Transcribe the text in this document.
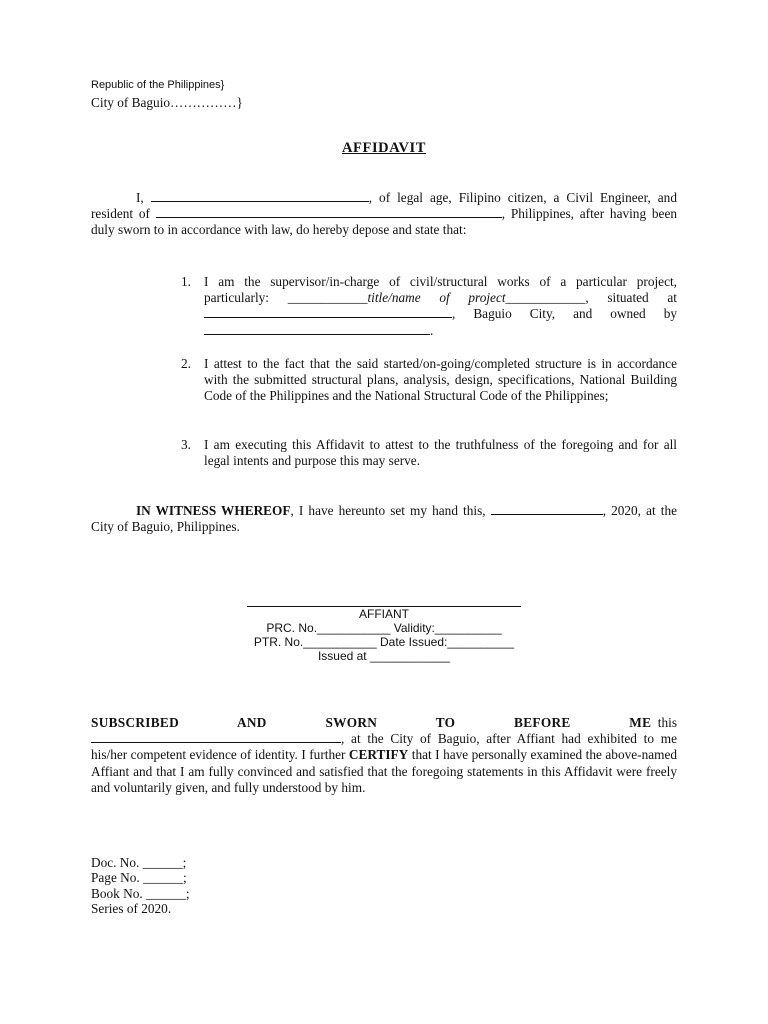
Republic of the Philippines}
City of Baguio……………}
AFFIDAVIT
I,	, of legal age, Filipino citizen, a Civil Engineer, and resident of	, Philippines, after having been duly sworn to in accordance with law, do hereby depose and state that:
1. I am the supervisor/in-charge of civil/structural works of a particular project, particularly: ____________title/name of project____________, situated at , Baguio City, and owned by .
2. I attest to the fact that the said started/on-going/completed structure is in accordance with the submitted structural plans, analysis, design, specifications, National Building Code of the Philippines and the National Structural Code of the Philippines;
3. I am executing this Affidavit to attest to the truthfulness of the foregoing and for all legal intents and purpose this may serve.
IN WITNESS WHEREOF, I have hereunto set my hand this,	, 2020, at the City of Baguio, Philippines.
AFFIANT
PRC. No.___________ Validity:__________
PTR. No.___________ Date Issued:__________
Issued at ____________
SUBSCRIBED AND SWORN TO BEFORE ME this , at the City of Baguio, after Affiant had exhibited to me his/her competent evidence of identity. I further CERTIFY that I have personally examined the above-named Affiant and that I am fully convinced and satisfied that the foregoing statements in this Affidavit were freely and voluntarily given, and fully understood by him.
Doc. No. ______;
Page No. ______;
Book No. ______;
Series of 2020.
